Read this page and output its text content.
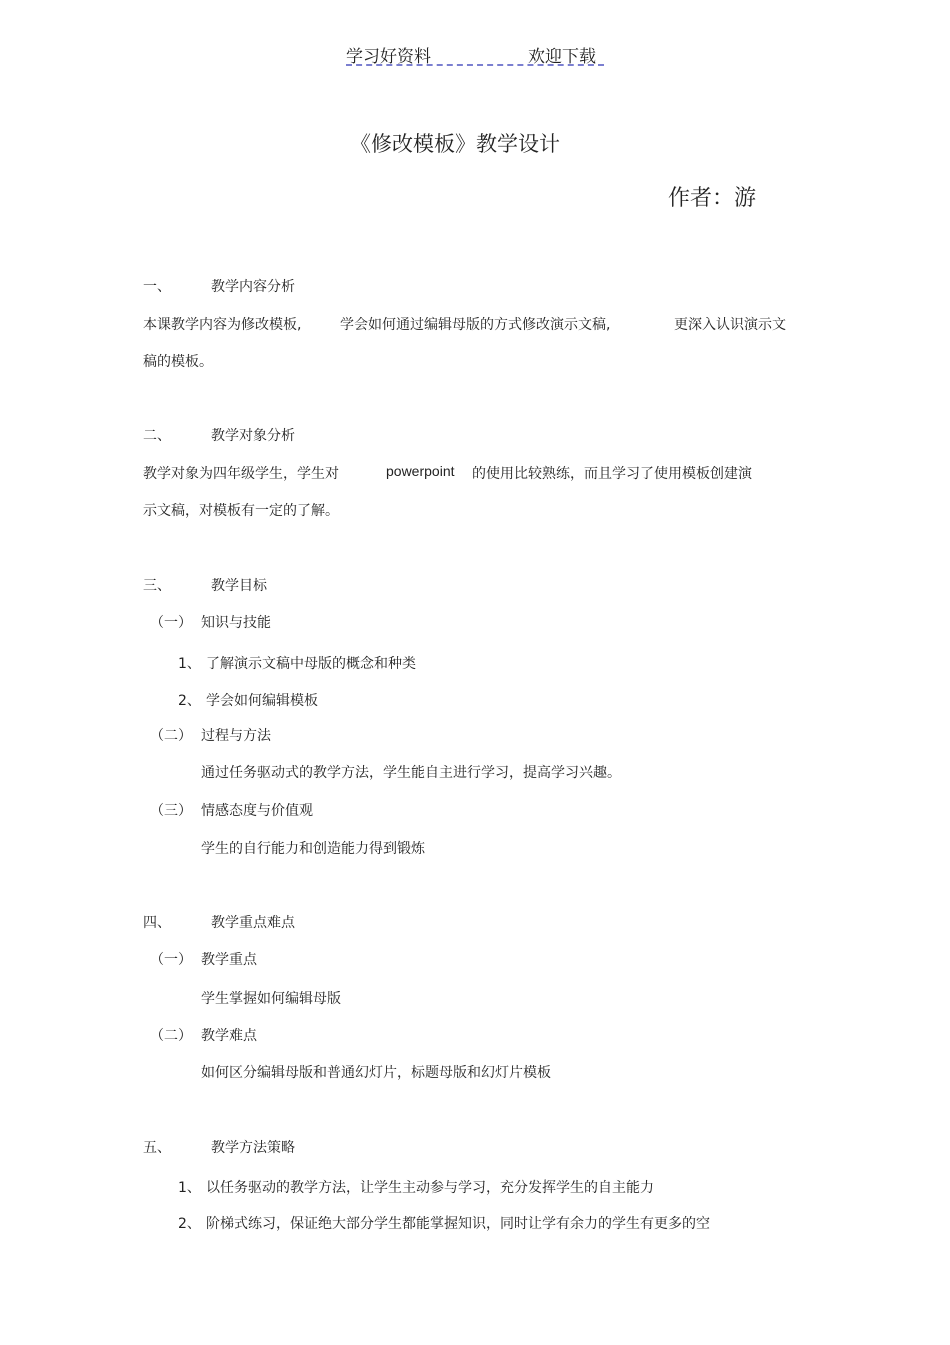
学习好资料	欢迎下载
《修改模板》教学设计
作者：游
一、	教学内容分析
本课教学内容为修改模板,	学会如何通过编辑母版的方式修改演示文稿,	更深入认识演示文
稿的模板。
二、	教学对象分析
教学对象为四年级学生，学生对	powerpoint 的使用比较熟练，而且学习了使用模板创建演
示文稿，对模板有一定的了解。
三、	教学目标
（一） 知识与技能
1、 了解演示文稿中母版的概念和种类
2、 学会如何编辑模板
（二） 过程与方法
通过任务驱动式的教学方法，学生能自主进行学习，提高学习兴趣。
（三） 情感态度与价值观
学生的自行能力和创造能力得到锻炼
四、	教学重点难点
（一） 教学重点
学生掌握如何编辑母版
（二） 教学难点
如何区分编辑母版和普通幻灯片，标题母版和幻灯片模板
五、	教学方法策略
1、 以任务驱动的教学方法，让学生主动参与学习，充分发挥学生的自主能力
2、 阶梯式练习，保证绝大部分学生都能掌握知识，同时让学有余力的学生有更多的空
